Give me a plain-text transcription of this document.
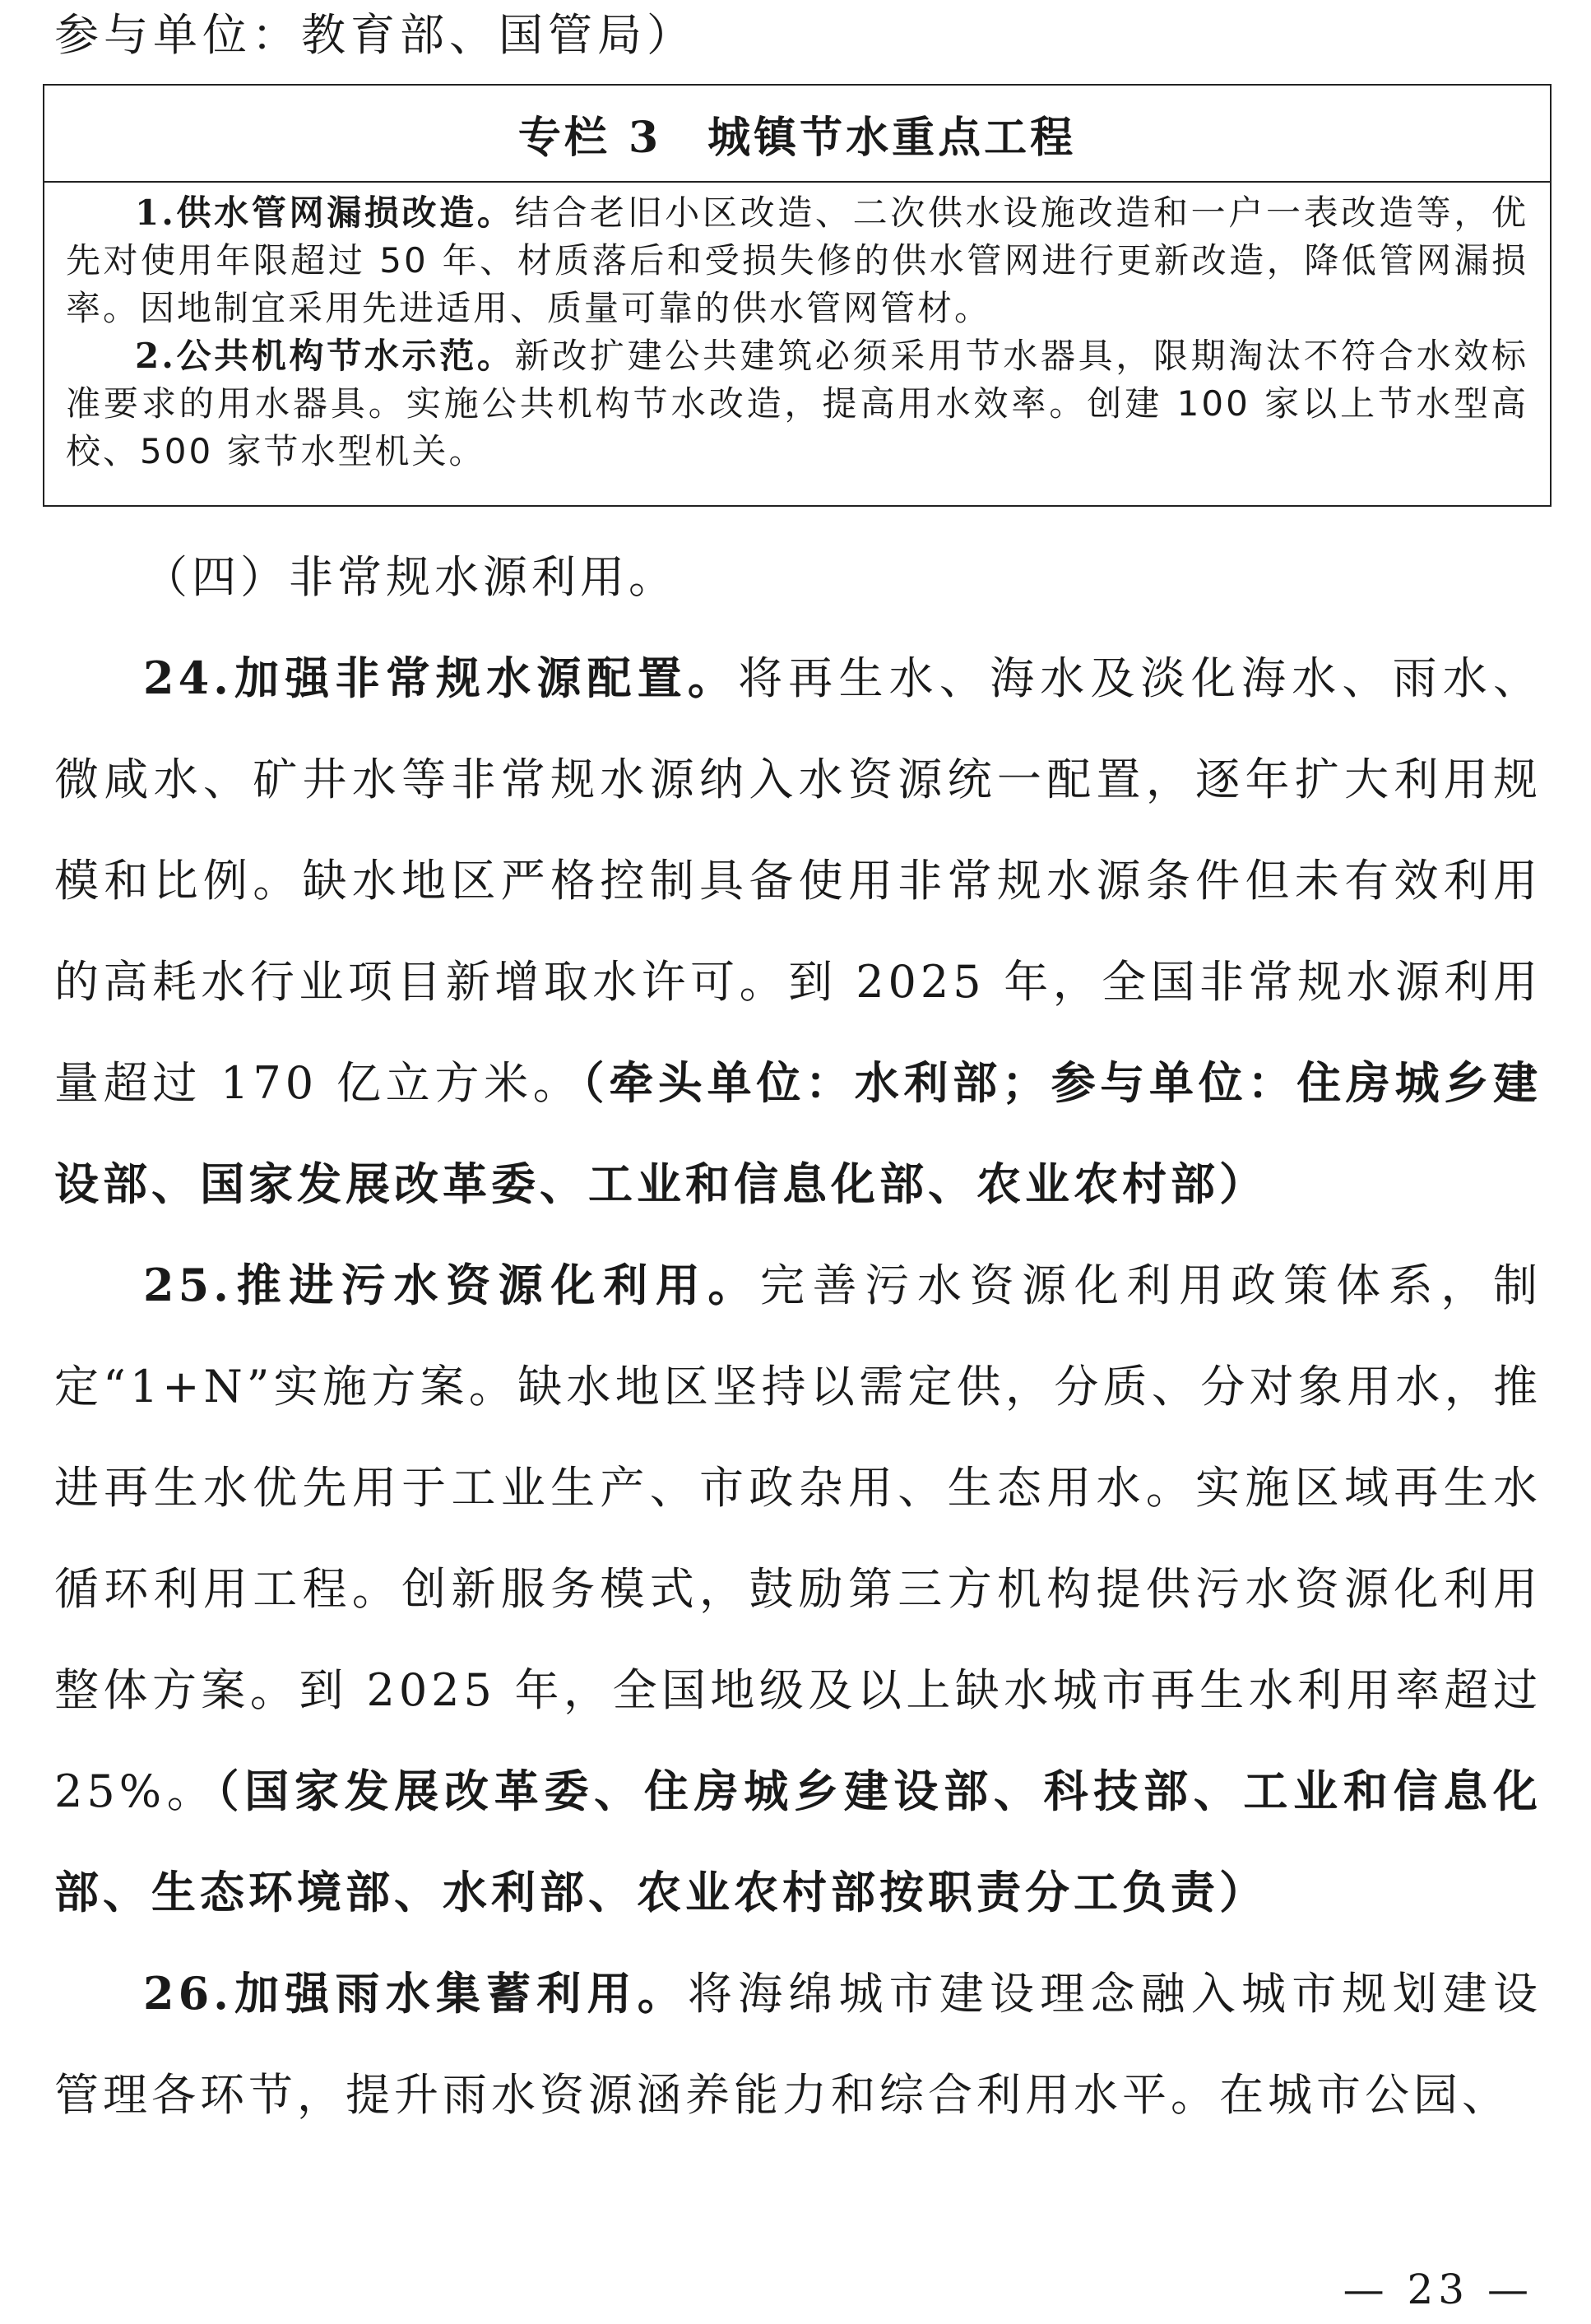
参与单位：教育部、国管局）
专栏 3 城镇节水重点工程

1.供水管网漏损改造。结合老旧小区改造、二次供水设施改造和一户一表改造等，优先对使用年限超过 50 年、材质落后和受损失修的供水管网进行更新改造，降低管网漏损率。因地制宜采用先进适用、质量可靠的供水管网管材。

2.公共机构节水示范。新改扩建公共建筑必须采用节水器具，限期淘汰不符合水效标准要求的用水器具。实施公共机构节水改造，提高用水效率。创建 100 家以上节水型高校、500 家节水型机关。

（四）非常规水源利用。

24.加强非常规水源配置。将再生水、海水及淡化海水、雨水、微咸水、矿井水等非常规水源纳入水资源统一配置，逐年扩大利用规模和比例。缺水地区严格控制具备使用非常规水源条件但未有效利用的高耗水行业项目新增取水许可。到 2025 年，全国非常规水源利用量超过 170 亿立方米。（牵头单位：水利部；参与单位：住房城乡建设部、国家发展改革委、工业和信息化部、农业农村部）

25.推进污水资源化利用。完善污水资源化利用政策体系，制定“1+N”实施方案。缺水地区坚持以需定供，分质、分对象用水，推进再生水优先用于工业生产、市政杂用、生态用水。实施区域再生水循环利用工程。创新服务模式，鼓励第三方机构提供污水资源化利用整体方案。到 2025 年，全国地级及以上缺水城市再生水利用率超过 25%。（国家发展改革委、住房城乡建设部、科技部、工业和信息化部、生态环境部、水利部、农业农村部按职责分工负责）

26.加强雨水集蓄利用。将海绵城市建设理念融入城市规划建设管理各环节，提升雨水资源涵养能力和综合利用水平。在城市公园、

— 23 —
